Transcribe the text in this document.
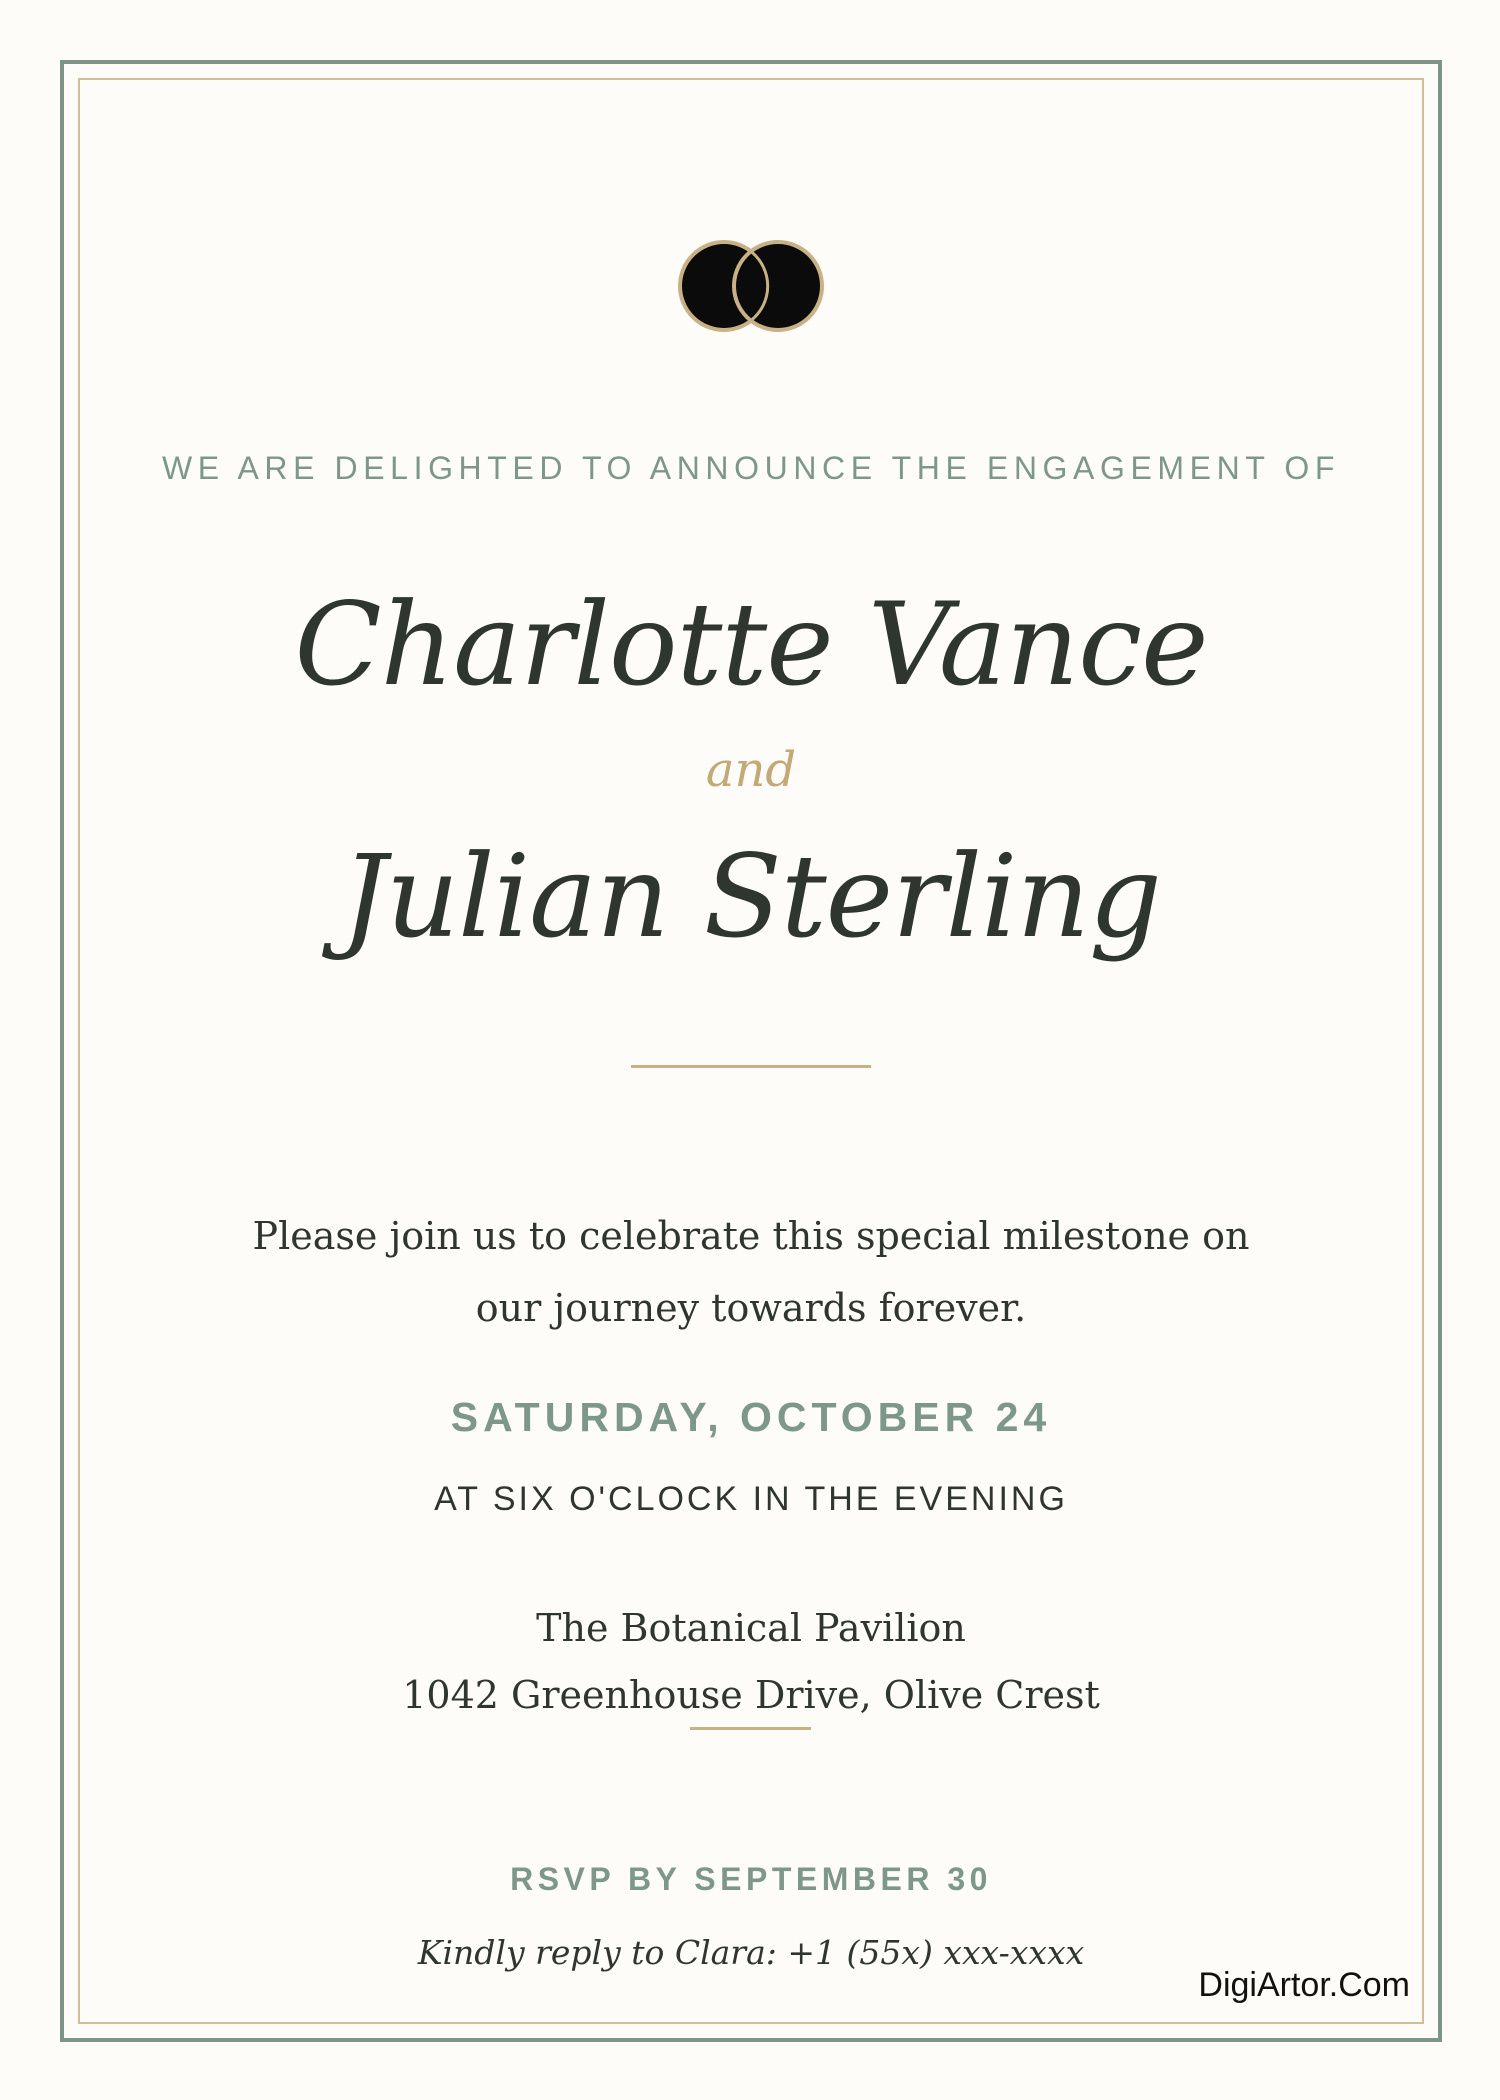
WE ARE DELIGHTED TO ANNOUNCE THE ENGAGEMENT OF
Charlotte Vance
and
Julian Sterling
Please join us to celebrate this special milestone on our journey towards forever.
SATURDAY, OCTOBER 24
AT SIX O'CLOCK IN THE EVENING
The Botanical Pavilion
1042 Greenhouse Drive, Olive Crest
RSVP BY SEPTEMBER 30
Kindly reply to Clara: +1 (55x) xxx-xxxx
DigiArtor.Com
